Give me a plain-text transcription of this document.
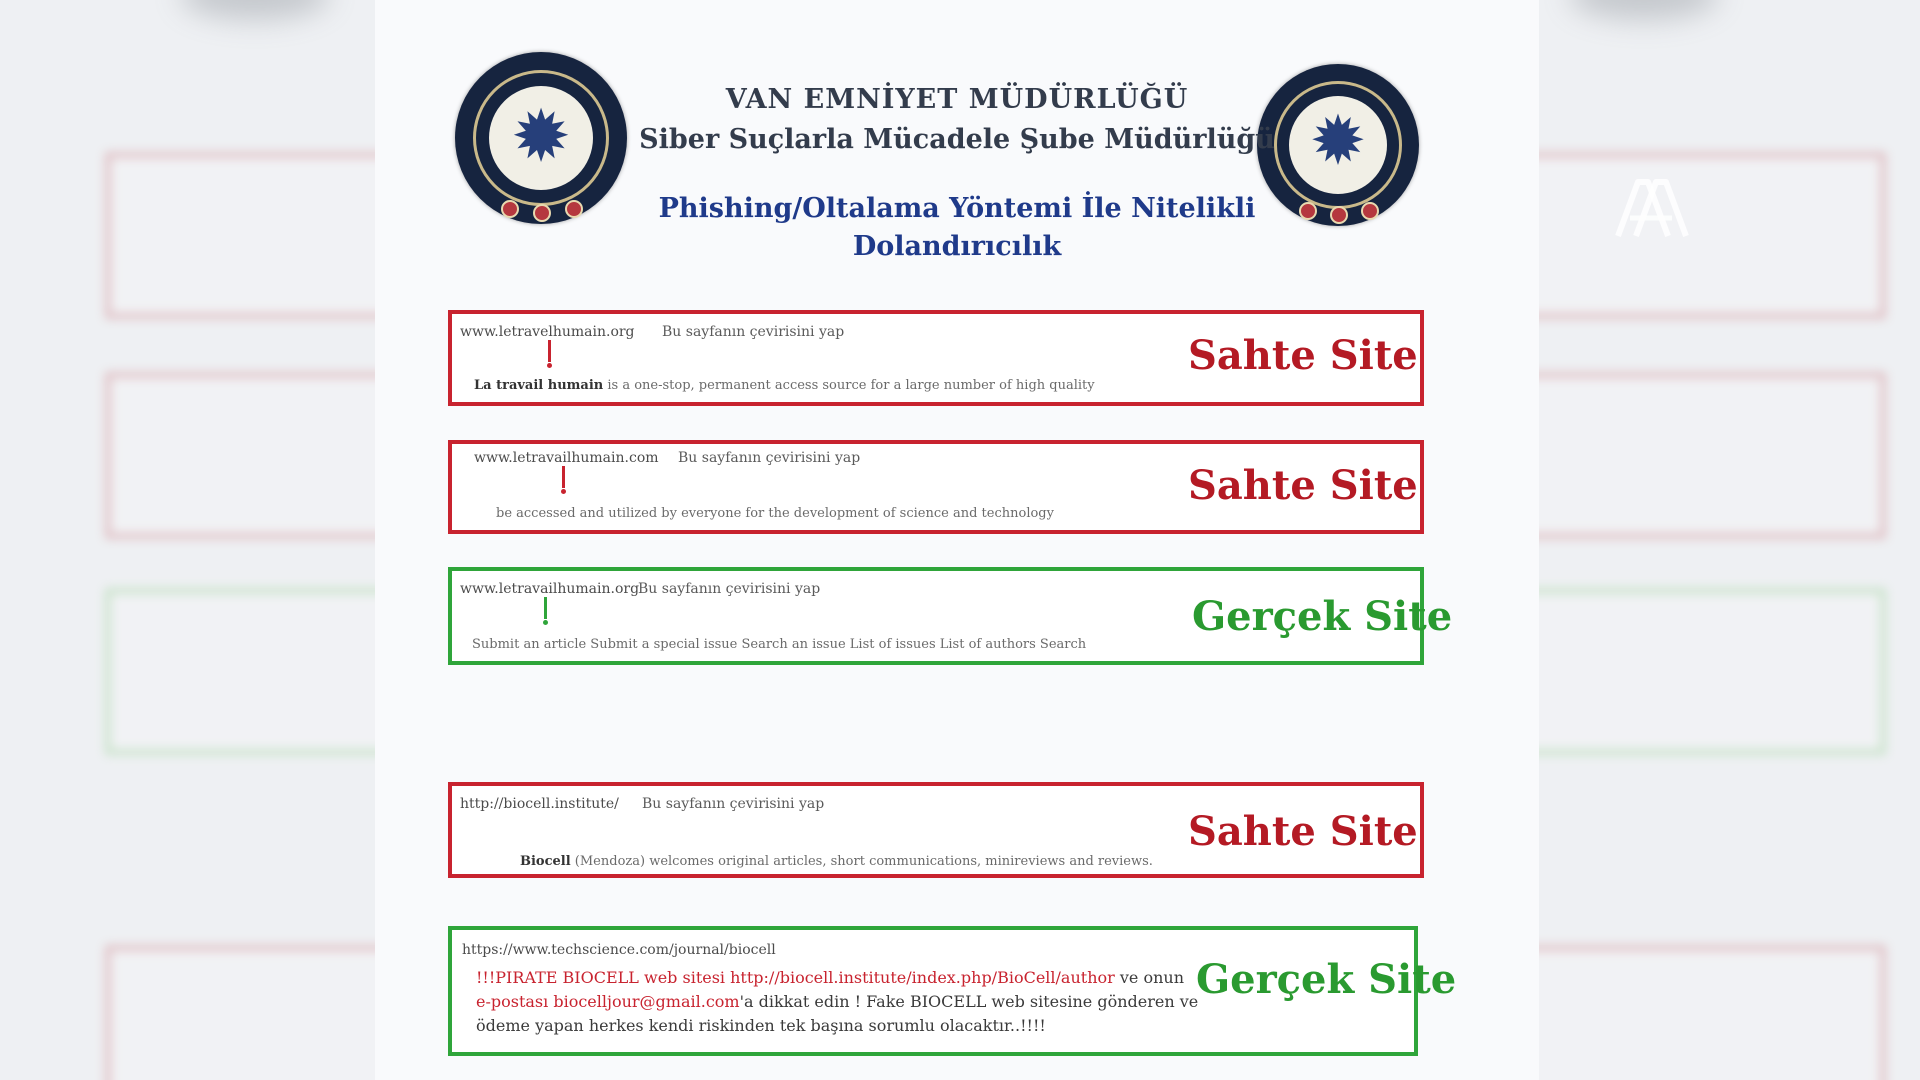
✹	✹
VAN EMNİYET MÜDÜRLÜĞÜ
Siber Suçlarla Mücadele Şube Müdürlüğü
Phishing/Oltalama Yöntemi İle Nitelikli
Dolandırıcılık
www.letravelhumain.org Bu sayfanın çevirisini yap
La travail humain is a one-stop, permanent access source for a large number of high quality
Sahte Site
www.letravailhumain.com Bu sayfanın çevirisini yap
be accessed and utilized by everyone for the development of science and technology
Sahte Site
www.letravailhumain.org
Bu sayfanın çevirisini yap
Submit an article Submit a special issue Search an issue List of issues List of authors Search
Gerçek Site
http://biocell.institute/ Bu sayfanın çevirisini yap
Biocell (Mendoza) welcomes original articles, short communications, minireviews and reviews.
Sahte Site
https://www.techscience.com/journal/biocell
!!!PIRATE BIOCELL web sitesi http://biocell.institute/index.php/BioCell/author ve onun
e-postası biocelljour@gmail.com'a dikkat edin ! Fake BIOCELL web sitesine gönderen ve
ödeme yapan herkes kendi riskinden tek başına sorumlu olacaktır..!!!!
Gerçek Site
